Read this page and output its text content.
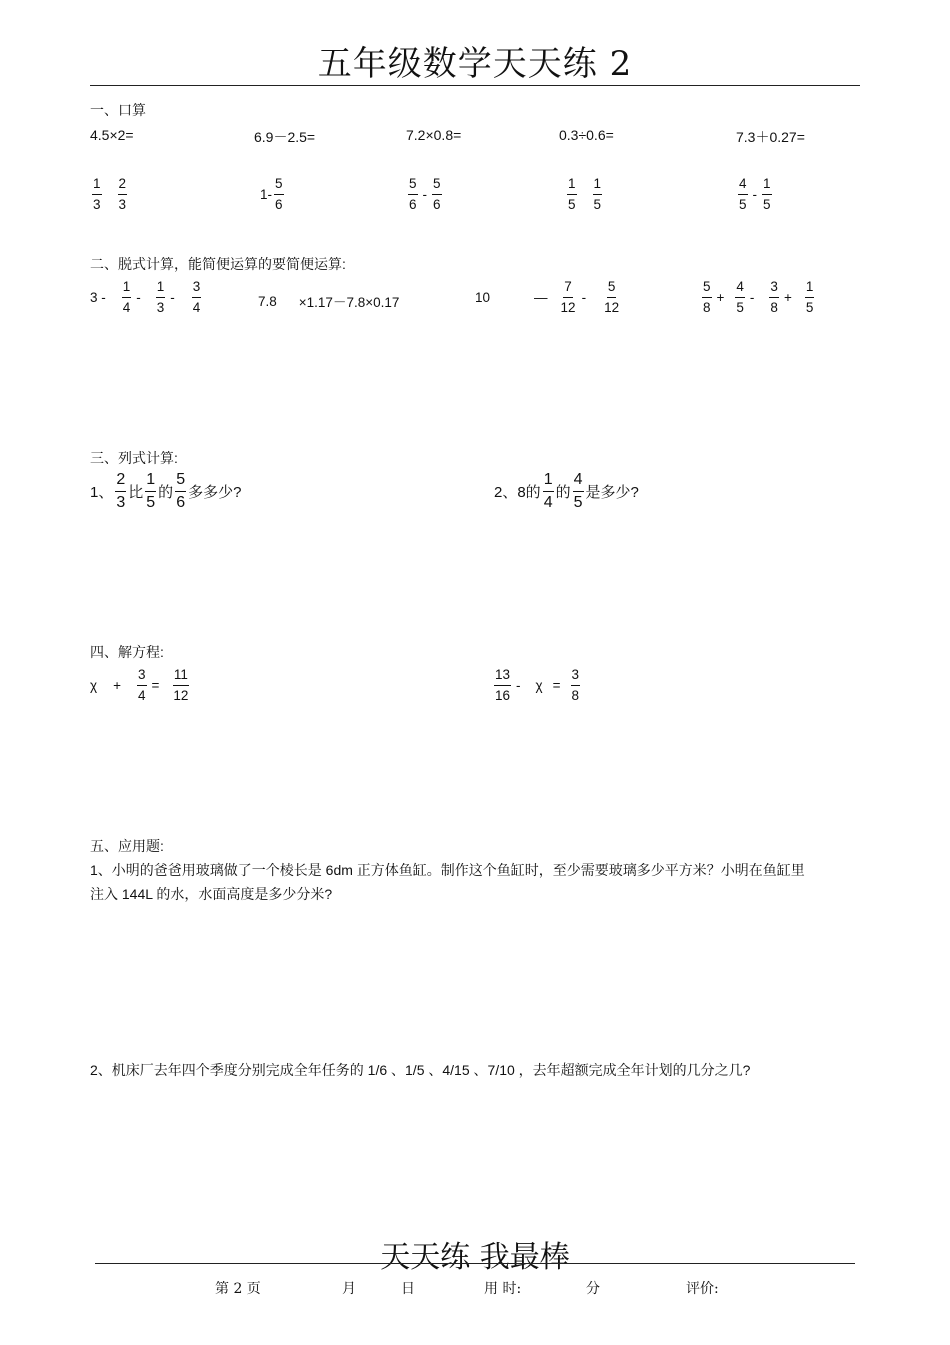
五年级数学天天练 2
一、口算
4.5×2=	6.9－2.5=	7.2×0.8=	0.3÷0.6=	7.3＋0.27=
$\frac{1}{3} \frac{2}{3}$	$1- \frac{5}{6}$	$\frac{5}{6} - \frac{5}{6}$	$\frac{1}{5} \frac{1}{5}$	$\frac{4}{5} - \frac{1}{5}$
二、脱式计算，能简便运算的要简便运算:
$3 - \frac{1}{4} - \frac{1}{3} - \frac{3}{4}$	7.8 ×1.17－7.8×0.17	10	— $\frac{7}{12} - \frac{5}{12}$	$\frac{5}{8} + \frac{4}{5} - \frac{3}{8} + \frac{1}{5}$
三、列式计算:
1、 $\frac{2}{3}$ 比 $\frac{1}{5}$ 的 $\frac{5}{6}$ 多多少?	2、8的 $\frac{1}{4}$ 的 $\frac{4}{5}$ 是多少?
四、解方程:
$\chi + \frac{3}{4} = \frac{11}{12}$	$\frac{13}{16} - \chi = \frac{3}{8}$
五、应用题:
1、小明的爸爸用玻璃做了一个棱长是 6dm 正方体鱼缸。制作这个鱼缸时，至少需要玻璃多少平方米？小明在鱼缸里注入 144L 的水，水面高度是多少分米?
2、机床厂去年四个季度分别完成全年任务的 1/6 、1/5 、4/15 、7/10 ，去年超额完成全年计划的几分之几?
天天练 我最棒
第 2 页	月	日	用 时:	分	评价:
